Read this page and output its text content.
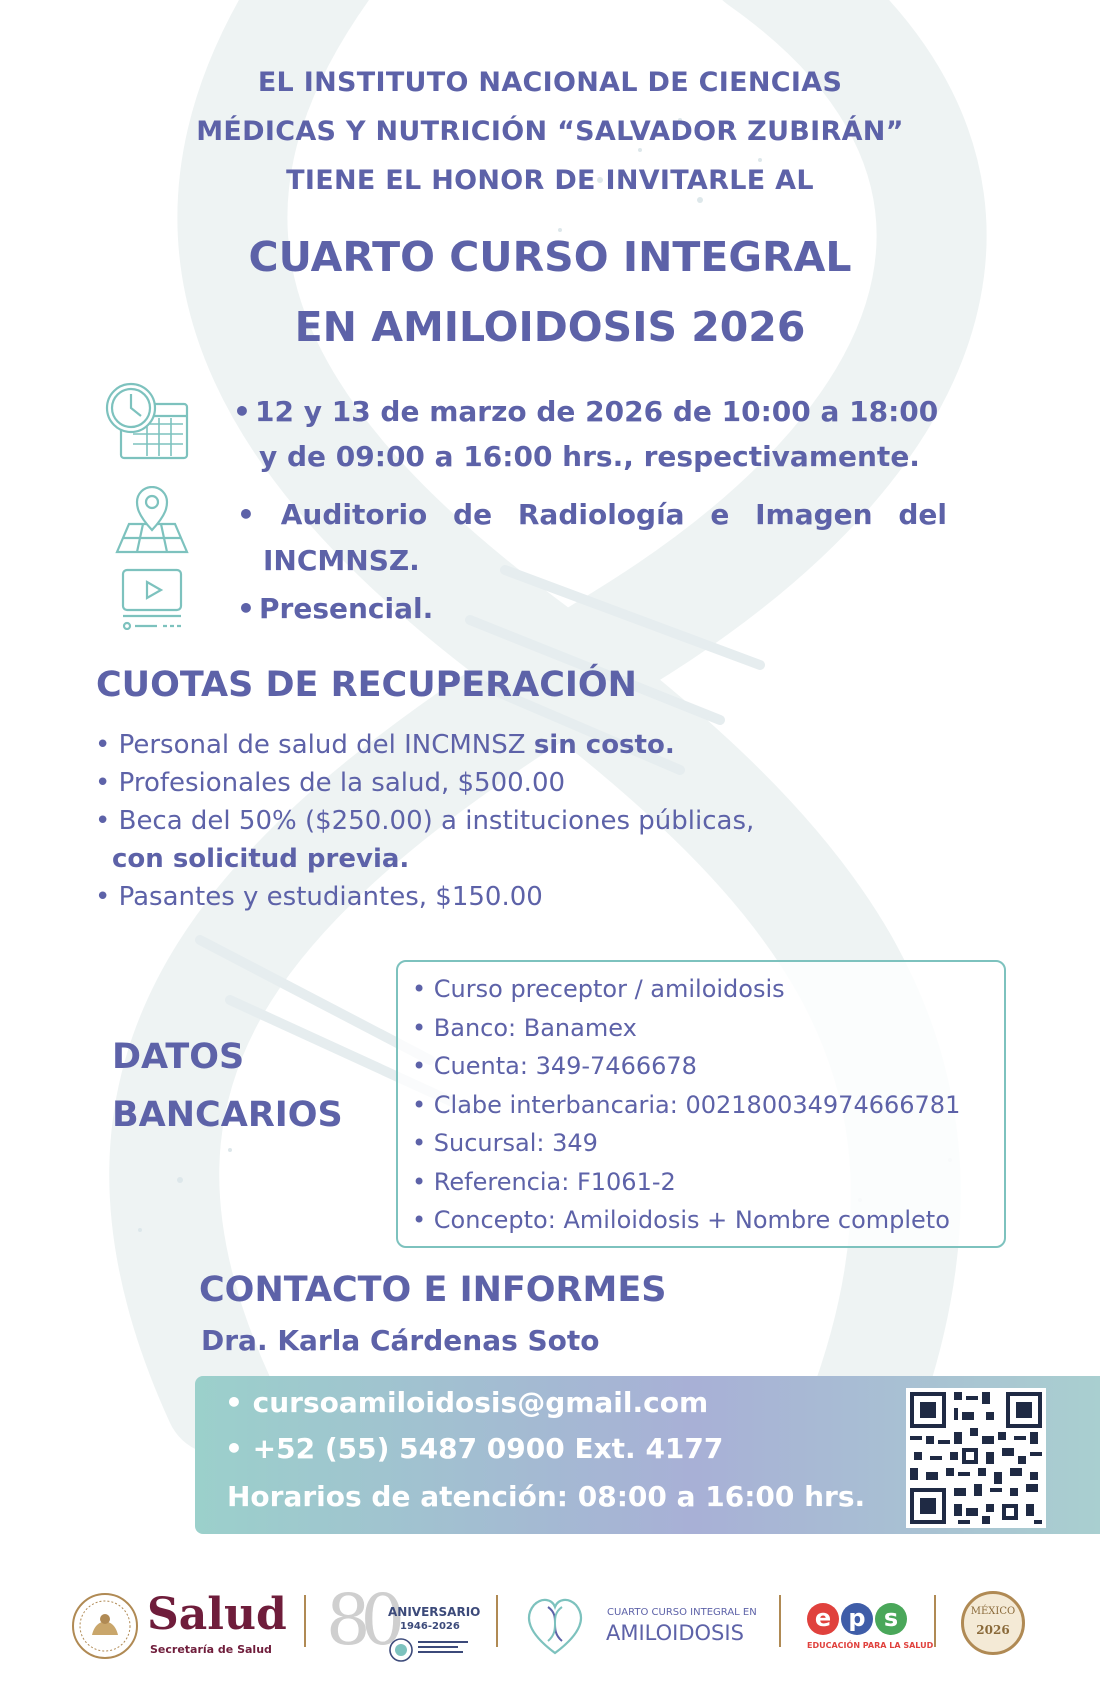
EL INSTITUTO NACIONAL DE CIENCIAS
MÉDICAS Y NUTRICIÓN “SALVADOR ZUBIRÁN”
TIENE EL HONOR DE INVITARLE AL
CUARTO CURSO INTEGRAL
EN AMILOIDOSIS 2026
• 12 y 13 de marzo de 2026 de 10:00 a 18:00
y de 09:00 a 16:00 hrs., respectivamente.
• Auditorio de Radiología e Imagen del
INCMNSZ.
• Presencial.
CUOTAS DE RECUPERACIÓN
• Personal de salud del INCMNSZ sin costo.
• Profesionales de la salud, $500.00
• Beca del 50% ($250.00) a instituciones públicas,
con solicitud previa.
• Pasantes y estudiantes, $150.00
DATOS
BANCARIOS
• Curso preceptor / amiloidosis
• Banco: Banamex
• Cuenta: 349-7466678
• Clabe interbancaria: 002180034974666781
• Sucursal: 349
• Referencia: F1061-2
• Concepto: Amiloidosis + Nombre completo
CONTACTO E INFORMES
Dra. Karla Cárdenas Soto
• cursoamiloidosis@gmail.com
• +52 (55) 5487 0900 Ext. 4177
Horarios de atención: 08:00 a 16:00 hrs.
Salud
Secretaría de Salud 80
ANIVERSARIO
1946-2026
CUARTO CURSO INTEGRAL EN
AMILOIDOSIS
e p s
EDUCACIÓN PARA LA SALUD
MÉXICO
2026
